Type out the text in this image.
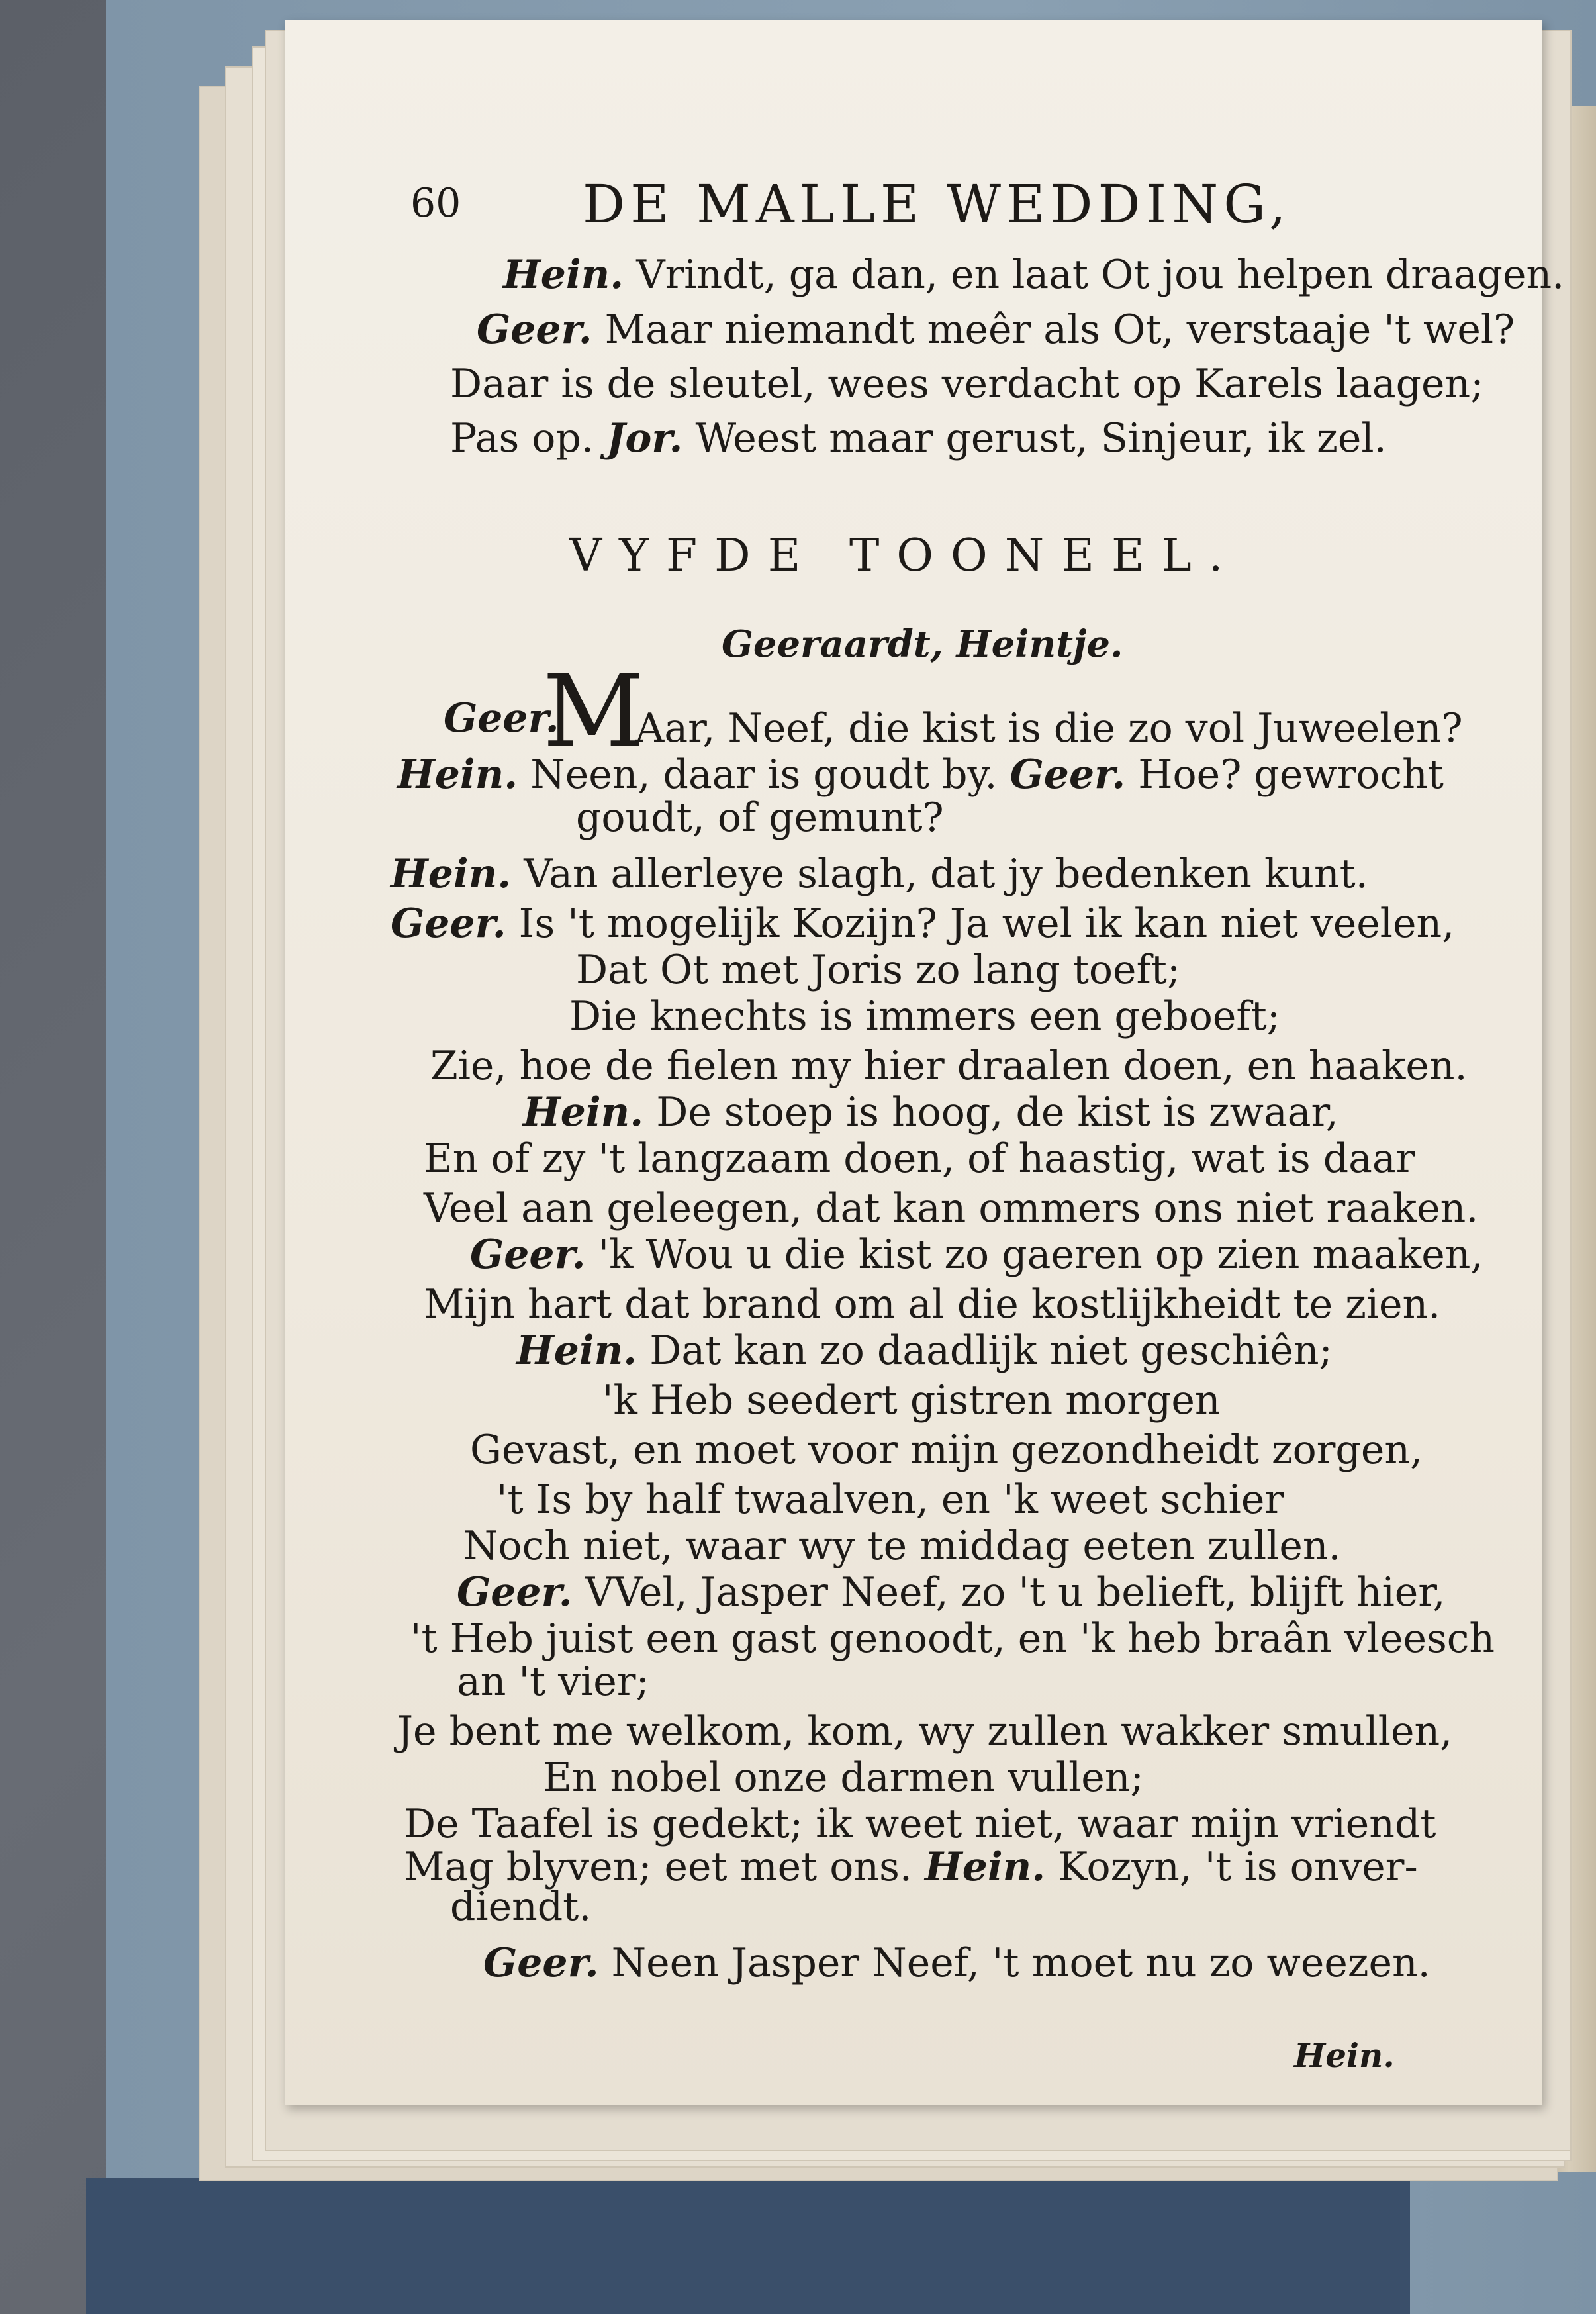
60 DE MALLE WEDDING,
Hein. Vrindt, ga dan, en laat Ot jou helpen draagen.
Geer. Maar niemandt meêr als Ot, verstaaje 't wel?
Daar is de sleutel, wees verdacht op Karels laagen;
Pas op. Jor. Weest maar gerust, Sinjeur, ik zel.
VYFDE TOONEEL.
Geeraardt, Heintje.
M
Geer. Aar, Neef, die kist is die zo vol Juweelen?
Hein. Neen, daar is goudt by. Geer. Hoe? gewrocht
goudt, of gemunt?
Hein. Van allerleye slagh, dat jy bedenken kunt.
Geer. Is 't mogelijk Kozijn? Ja wel ik kan niet veelen,
Dat Ot met Joris zo lang toeft;
Die knechts is immers een geboeft;
Zie, hoe de fielen my hier draalen doen, en haaken.
Hein. De stoep is hoog, de kist is zwaar,
En of zy 't langzaam doen, of haastig, wat is daar
Veel aan geleegen, dat kan ommers ons niet raaken.
Geer. 'k Wou u die kist zo gaeren op zien maaken,
Mijn hart dat brand om al die kostlijkheidt te zien.
Hein. Dat kan zo daadlijk niet geschiên;
'k Heb seedert gistren morgen
Gevast, en moet voor mijn gezondheidt zorgen,
't Is by half twaalven, en 'k weet schier
Noch niet, waar wy te middag eeten zullen.
Geer. VVel, Jasper Neef, zo 't u belieft, blijft hier,
't Heb juist een gast genoodt, en 'k heb braân vleesch
an 't vier;
Je bent me welkom, kom, wy zullen wakker smullen,
En nobel onze darmen vullen;
De Taafel is gedekt; ik weet niet, waar mijn vriendt
Mag blyven; eet met ons. Hein. Kozyn, 't is onver-
diendt.
Geer. Neen Jasper Neef, 't moet nu zo weezen.
Hein.
